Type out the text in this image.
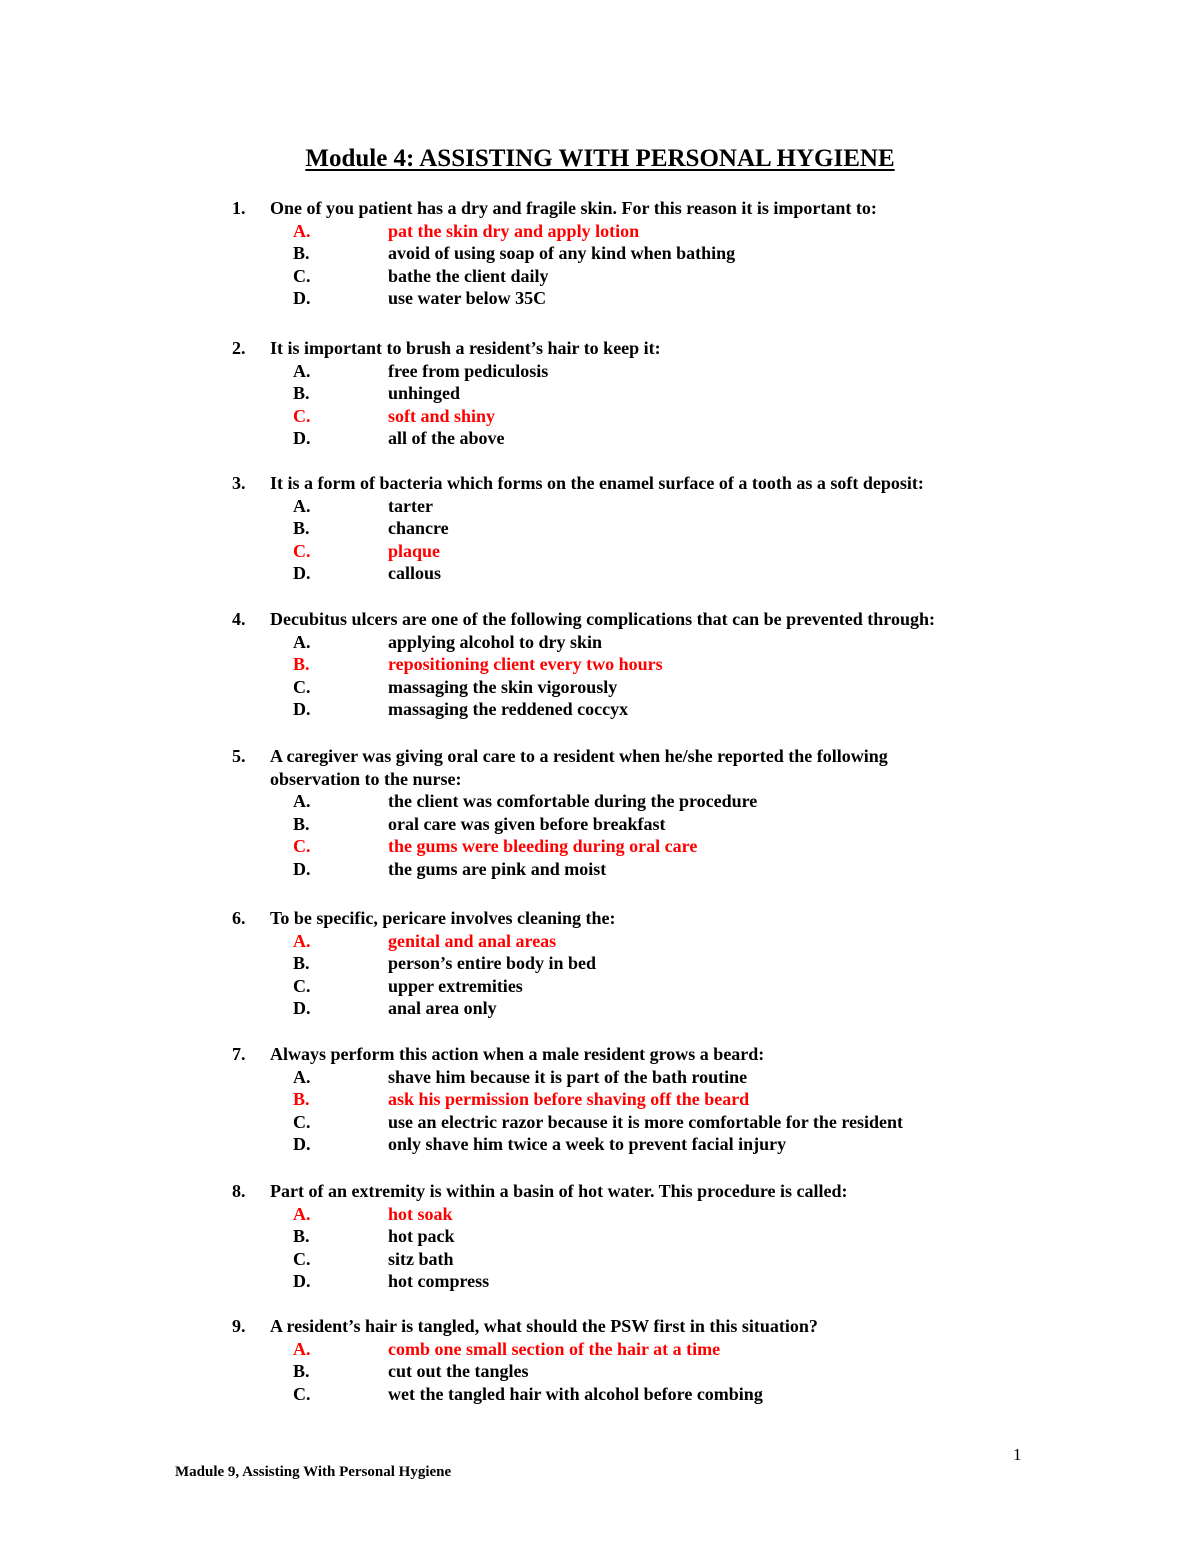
Module 4: ASSISTING WITH PERSONAL HYGIENE
1.	One of you patient has a dry and fragile skin. For this reason it is important to:
A.	pat the skin dry and apply lotion
B.	avoid of using soap of any kind when bathing
C.	bathe the client daily
D.	use water below 35C
2.	It is important to brush a resident’s hair to keep it:
A.	free from pediculosis
B.	unhinged
C.	soft and shiny
D.	all of the above
3.	It is a form of bacteria which forms on the enamel surface of a tooth as a soft deposit:
A.	tarter
B.	chancre
C.	plaque
D.	callous
4.	Decubitus ulcers are one of the following complications that can be prevented through:
A.	applying alcohol to dry skin
B.	repositioning client every two hours
C.	massaging the skin vigorously
D.	massaging the reddened coccyx
5.	A caregiver was giving oral care to a resident when he/she reported the following
observation to the nurse:
A.	the client was comfortable during the procedure
B.	oral care was given before breakfast
C.	the gums were bleeding during oral care
D.	the gums are pink and moist
6.	To be specific, pericare involves cleaning the:
A.	genital and anal areas
B.	person’s entire body in bed
C.	upper extremities
D.	anal area only
7.	Always perform this action when a male resident grows a beard:
A.	shave him because it is part of the bath routine
B.	ask his permission before shaving off the beard
C.	use an electric razor because it is more comfortable for the resident
D.	only shave him twice a week to prevent facial injury
8.	Part of an extremity is within a basin of hot water. This procedure is called:
A.	hot soak
B.	hot pack
C.	sitz bath
D.	hot compress
9.	A resident’s hair is tangled, what should the PSW first in this situation?
A.	comb one small section of the hair at a time
B.	cut out the tangles
C.	wet the tangled hair with alcohol before combing
1
Madule 9, Assisting With Personal Hygiene
